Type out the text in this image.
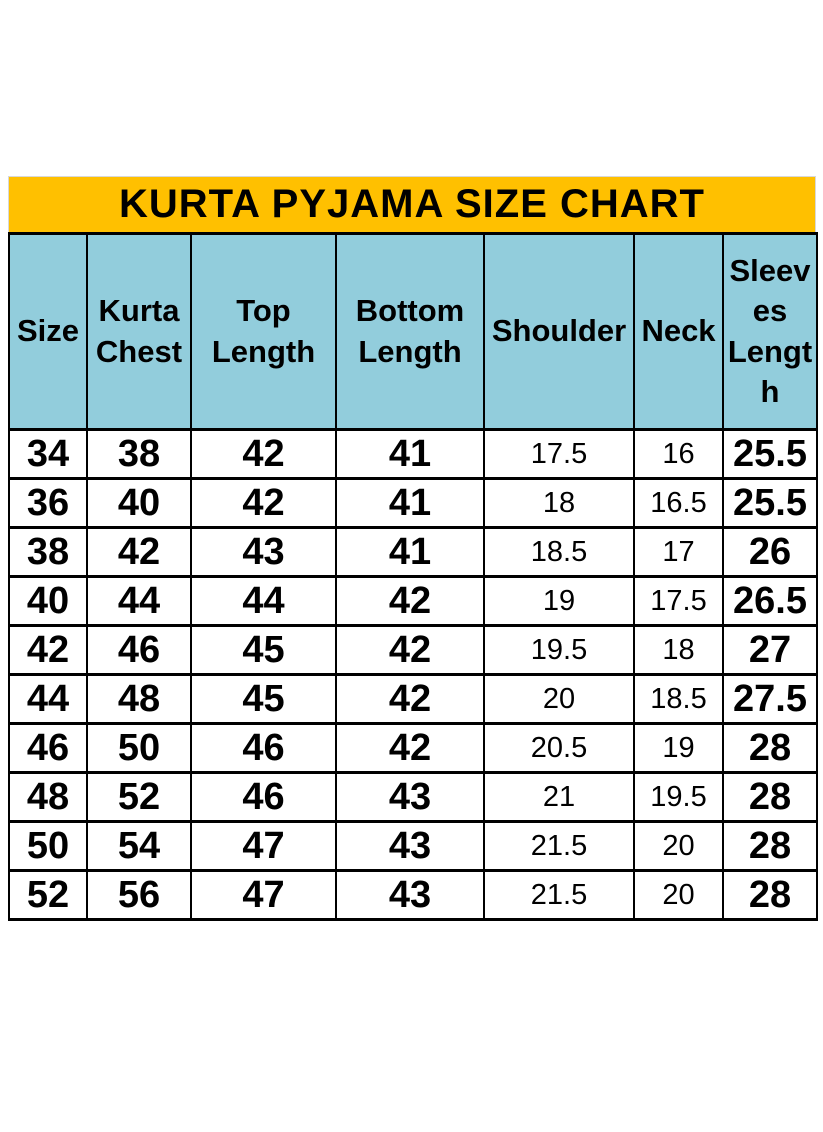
KURTA PYJAMA SIZE CHART
Size	Kurta Chest	Top Length	Bottom Length	Shoulder	Neck	Sleeves Length
34	38	42	41	17.5	16	25.5
36	40	42	41	18	16.5	25.5
38	42	43	41	18.5	17	26
40	44	44	42	19	17.5	26.5
42	46	45	42	19.5	18	27
44	48	45	42	20	18.5	27.5
46	50	46	42	20.5	19	28
48	52	46	43	21	19.5	28
50	54	47	43	21.5	20	28
52	56	47	43	21.5	20	28
